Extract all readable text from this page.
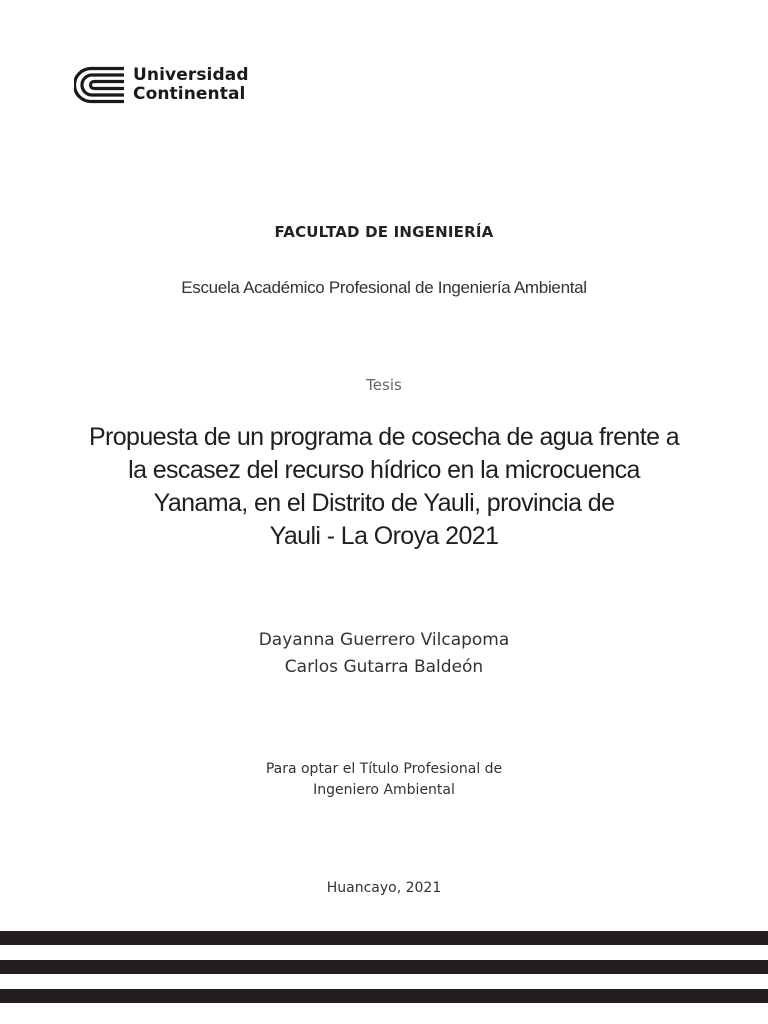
Universidad
Continental
FACULTAD DE INGENIERÍA
Escuela Académico Profesional de Ingeniería Ambiental
Tesis
Propuesta de un programa de cosecha de agua frente a
la escasez del recurso hídrico en la microcuenca
Yanama, en el Distrito de Yauli, provincia de
Yauli - La Oroya 2021
Dayanna Guerrero Vilcapoma
Carlos Gutarra Baldeón
Para optar el Título Profesional de
Ingeniero Ambiental
Huancayo, 2021
